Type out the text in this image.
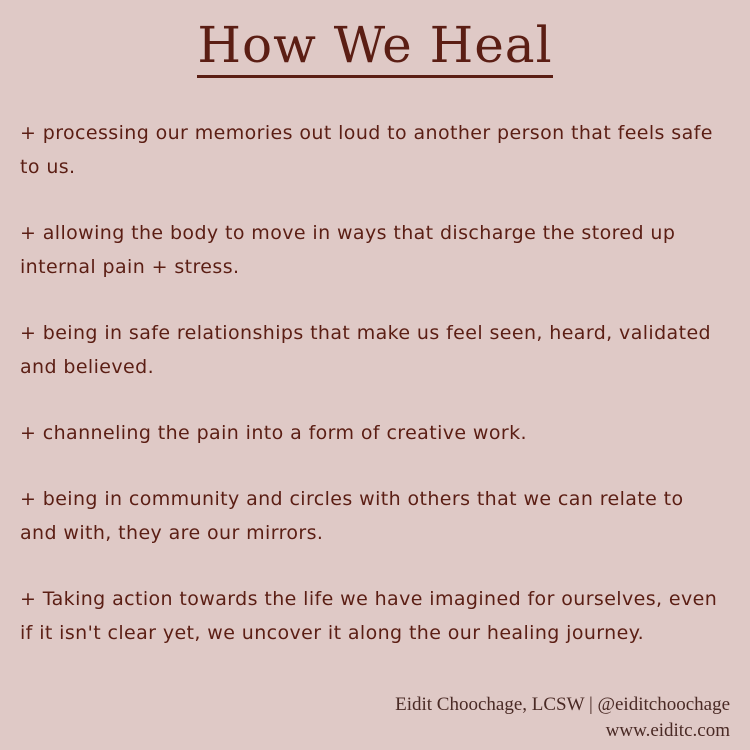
How We Heal

+ processing our memories out loud to another person that feels safe to us.

+ allowing the body to move in ways that discharge the stored up internal pain + stress.

+ being in safe relationships that make us feel seen, heard, validated and believed.

+ channeling the pain into a form of creative work.

+ being in community and circles with others that we can relate to and with, they are our mirrors.

+ Taking action towards the life we have imagined for ourselves, even if it isn't clear yet, we uncover it along the our healing journey.

Eidit Choochage, LCSW | @eiditchoochage
www.eiditc.com
